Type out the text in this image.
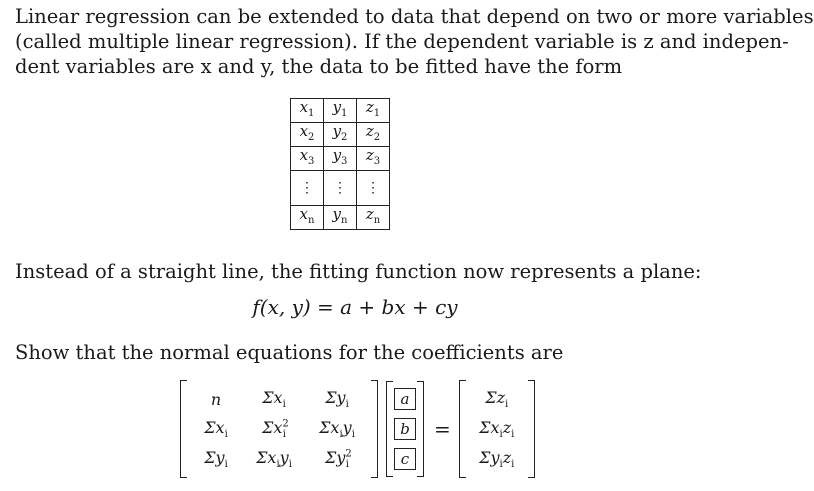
Linear regression can be extended to data that depend on two or more variables
(called multiple linear regression). If the dependent variable is z and indepen-
dent variables are x and y, the data to be fitted have the form

$x_1$	$y_1$	$z_1$
$x_2$	$y_2$	$z_2$
$x_3$	$y_3$	$z_3$
⋮	⋮	⋮
$x_n$	$y_n$	$z_n$

Instead of a straight line, the fitting function now represents a plane:

f(x, y) = a + bx + cy

Show that the normal equations for the coefficients are

n	$\Sigma x_i$	$\Sigma y_i$
$\Sigma x_i$	$\Sigma x^2_i$	$\Sigma x_iy_i$
$\Sigma y_i$	$\Sigma x_iy_i$	$\Sigma y^2_i$
a
b
c
=
$\Sigma z_i$
$\Sigma x_iz_i$
$\Sigma y_iz_i$
